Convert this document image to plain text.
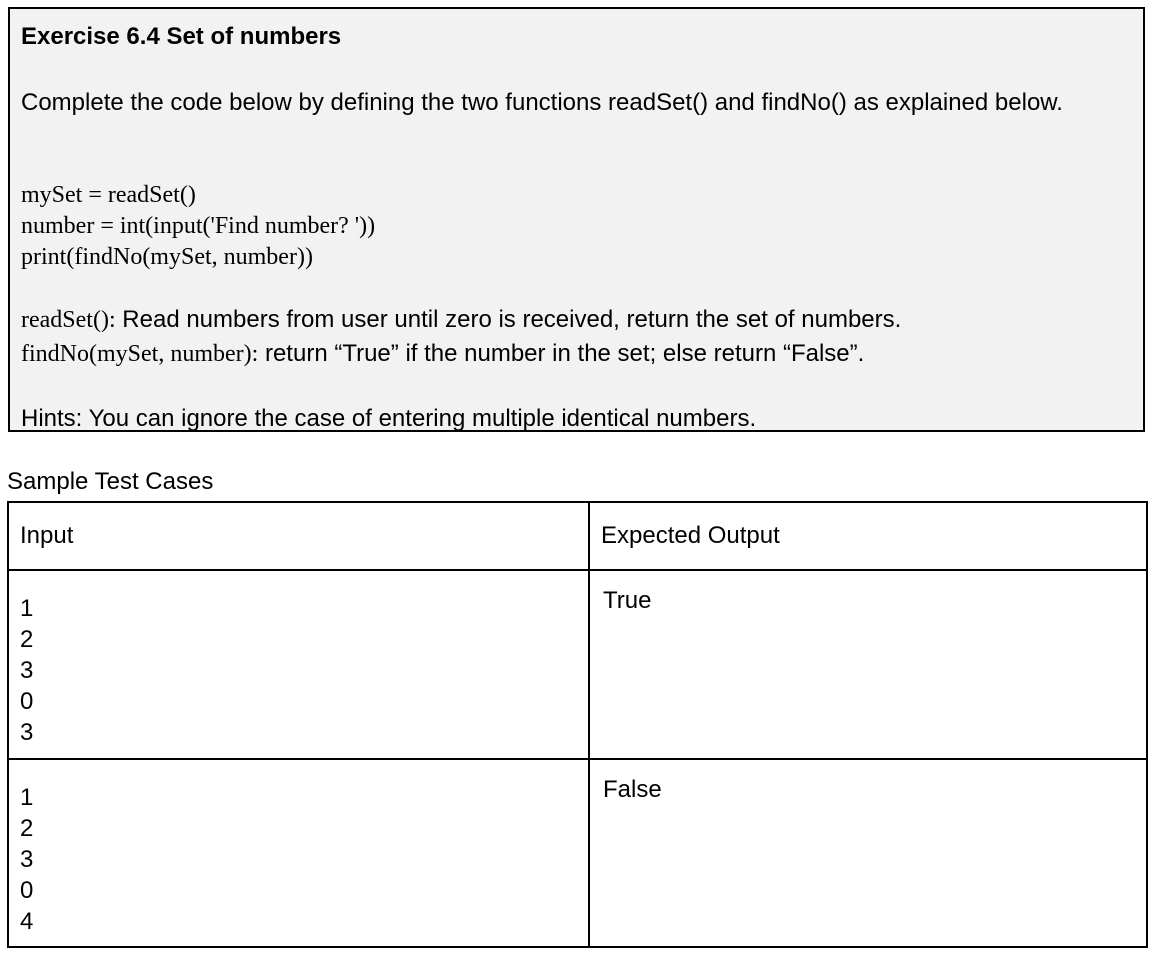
Exercise 6.4 Set of numbers
Complete the code below by defining the two functions readSet() and findNo() as explained below.
mySet = readSet()
number = int(input('Find number? '))
print(findNo(mySet, number))
readSet(): Read numbers from user until zero is received, return the set of numbers.
findNo(mySet, number): return “True” if the number in the set; else return “False”.
Hints: You can ignore the case of entering multiple identical numbers.
Sample Test Cases
Input	Expected Output

1
2
3
0
3	True

1
2
3
0
4	False
